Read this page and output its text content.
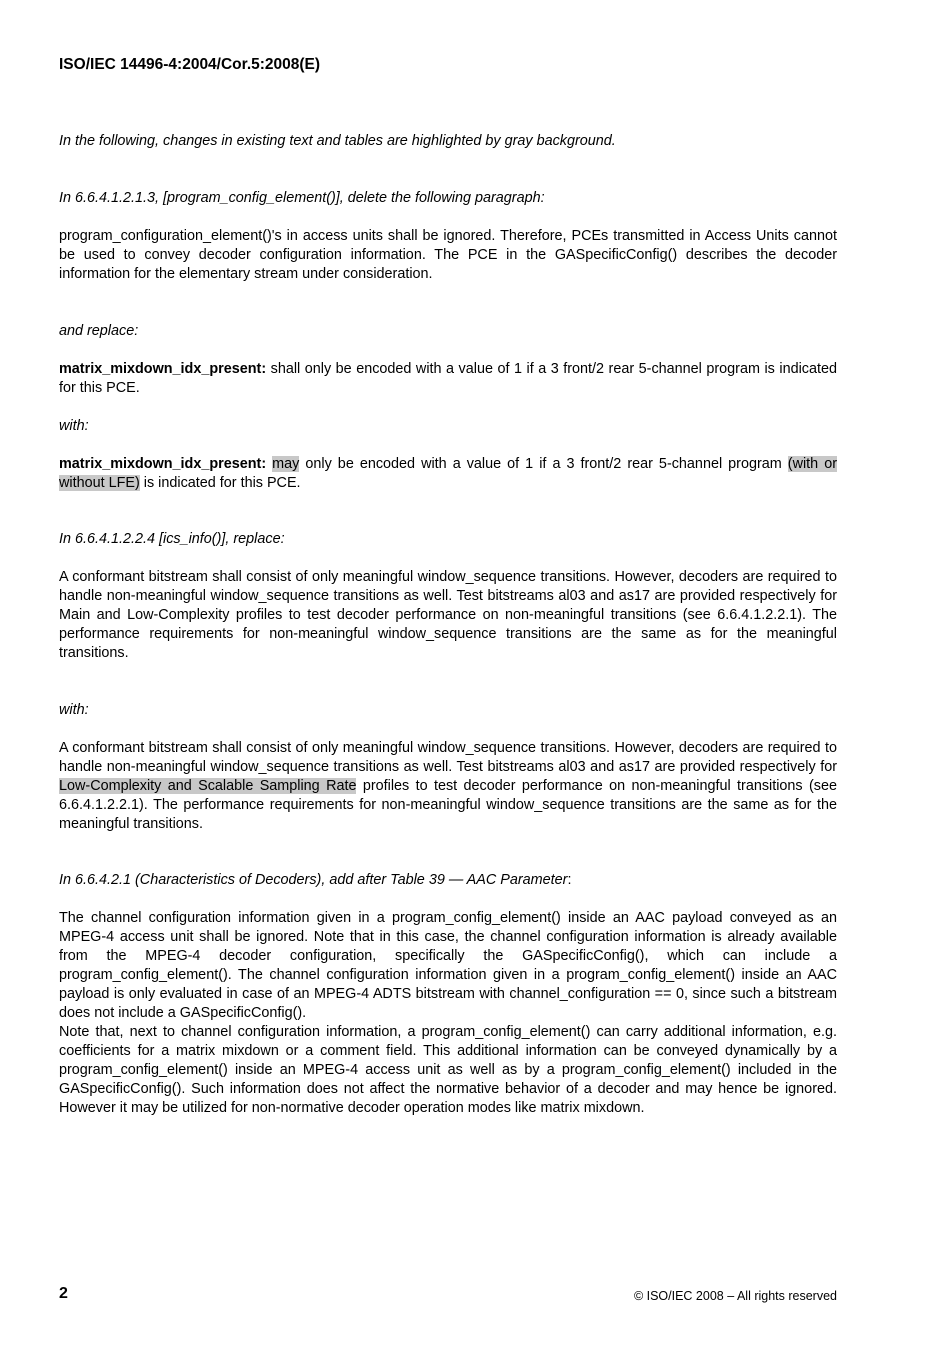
ISO/IEC 14496-4:2004/Cor.5:2008(E)

In the following, changes in existing text and tables are highlighted by gray background.

In 6.6.4.1.2.1.3, [program_config_element()], delete the following paragraph:

program_configuration_element()'s in access units shall be ignored. Therefore, PCEs transmitted in Access Units cannot be used to convey decoder configuration information. The PCE in the GASpecificConfig() describes the decoder information for the elementary stream under consideration.

and replace:

matrix_mixdown_idx_present: shall only be encoded with a value of 1 if a 3 front/2 rear 5-channel program is indicated for this PCE.

with:

matrix_mixdown_idx_present: may only be encoded with a value of 1 if a 3 front/2 rear 5-channel program (with or without LFE) is indicated for this PCE.

In 6.6.4.1.2.2.4 [ics_info()], replace:

A conformant bitstream shall consist of only meaningful window_sequence transitions. However, decoders are required to handle non-meaningful window_sequence transitions as well. Test bitstreams al03 and as17 are provided respectively for Main and Low-Complexity profiles to test decoder performance on non-meaningful transitions (see 6.6.4.1.2.2.1). The performance requirements for non-meaningful window_sequence transitions are the same as for the meaningful transitions.

with:

A conformant bitstream shall consist of only meaningful window_sequence transitions. However, decoders are required to handle non-meaningful window_sequence transitions as well. Test bitstreams al03 and as17 are provided respectively for Low-Complexity and Scalable Sampling Rate profiles to test decoder performance on non-meaningful transitions (see 6.6.4.1.2.2.1). The performance requirements for non-meaningful window_sequence transitions are the same as for the meaningful transitions.

In 6.6.4.2.1 (Characteristics of Decoders), add after Table 39 — AAC Parameter:

The channel configuration information given in a program_config_element() inside an AAC payload conveyed as an MPEG-4 access unit shall be ignored. Note that in this case, the channel configuration information is already available from the MPEG-4 decoder configuration, specifically the GASpecificConfig(), which can include a program_config_element(). The channel configuration information given in a program_config_element() inside an AAC payload is only evaluated in case of an MPEG-4 ADTS bitstream with channel_configuration == 0, since such a bitstream does not include a GASpecificConfig().

Note that, next to channel configuration information, a program_config_element() can carry additional information, e.g. coefficients for a matrix mixdown or a comment field. This additional information can be conveyed dynamically by a program_config_element() inside an MPEG-4 access unit as well as by a program_config_element() included in the GASpecificConfig(). Such information does not affect the normative behavior of a decoder and may hence be ignored. However it may be utilized for non-normative decoder operation modes like matrix mixdown.

2	© ISO/IEC 2008 – All rights reserved
